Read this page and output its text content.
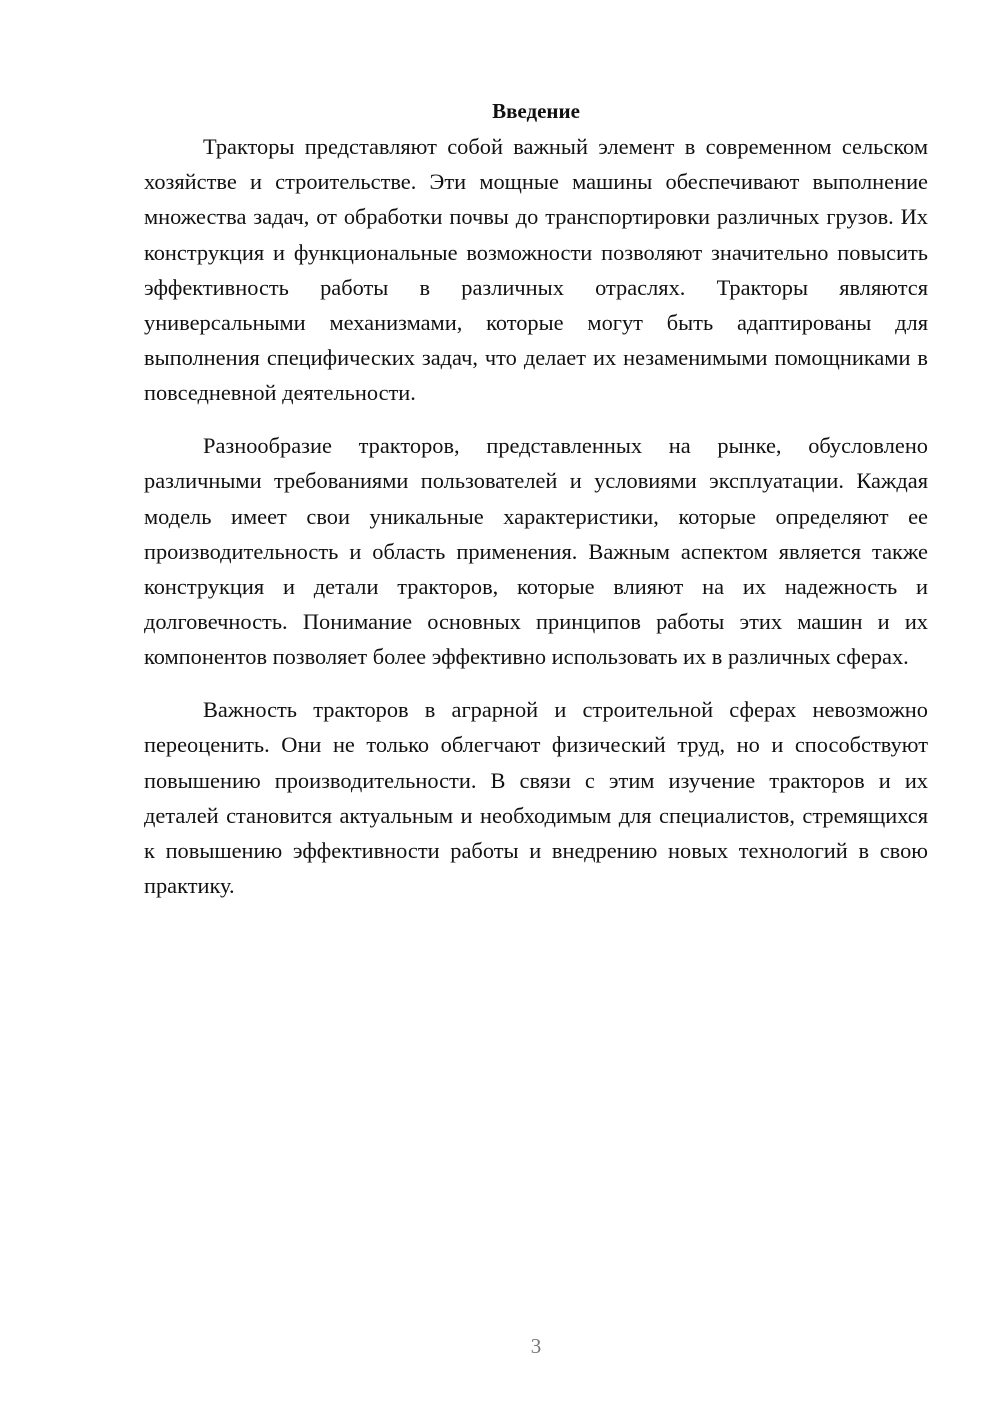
Введение

Тракторы представляют собой важный элемент в современном сельском хозяйстве и строительстве. Эти мощные машины обеспечивают выполнение множества задач, от обработки почвы до транспортировки различных грузов. Их конструкция и функциональные возможности позволяют значительно повысить эффективность работы в различных отраслях. Тракторы являются универсальными механизмами, которые могут быть адаптированы для выполнения специфических задач, что делает их незаменимыми помощниками в повседневной деятельности.

Разнообразие тракторов, представленных на рынке, обусловлено различными требованиями пользователей и условиями эксплуатации. Каждая модель имеет свои уникальные характеристики, которые определяют ее производительность и область применения. Важным аспектом является также конструкция и детали тракторов, которые влияют на их надежность и долговечность. Понимание основных принципов работы этих машин и их компонентов позволяет более эффективно использовать их в различных сферах.

Важность тракторов в аграрной и строительной сферах невозможно переоценить. Они не только облегчают физический труд, но и способствуют повышению производительности. В связи с этим изучение тракторов и их деталей становится актуальным и необходимым для специалистов, стремящихся к повышению эффективности работы и внедрению новых технологий в свою практику.

3
